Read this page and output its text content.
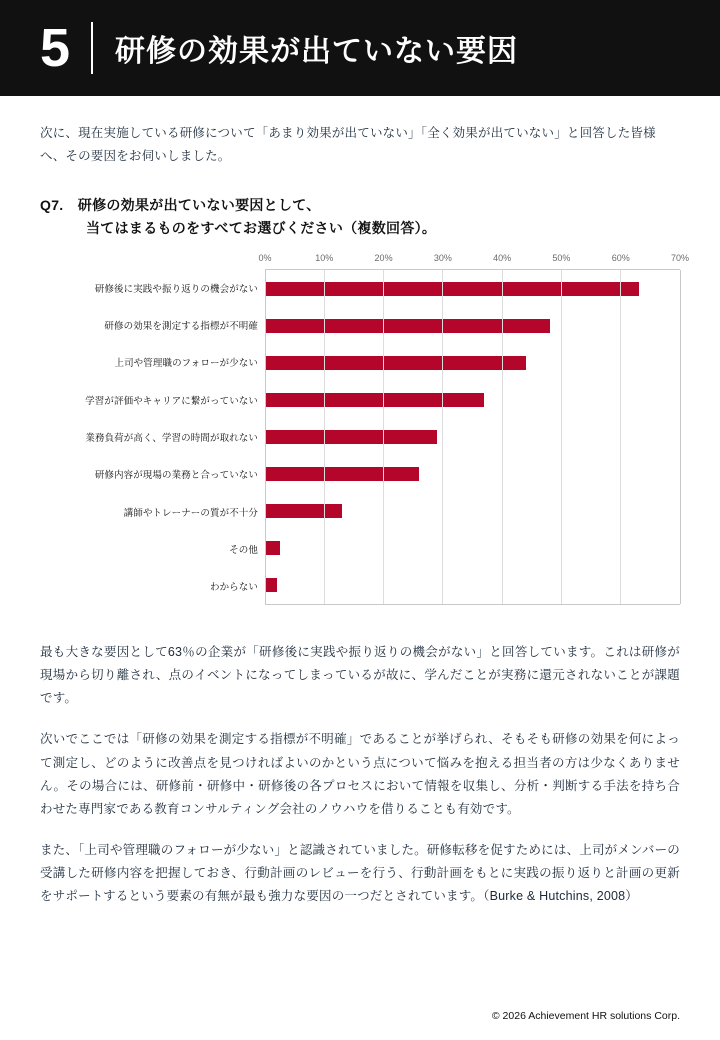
5 研修の効果が出ていない要因
次に、現在実施している研修について「あまり効果が出ていない」「全く効果が出ていない」と回答した皆様へ、その要因をお伺いしました。
Q7.　研修の効果が出ていない要因として、
当てはまるものをすべてお選びください（複数回答）。
0%	10%	20%	30%	40%	50%	60%	70%
研修後に実践や振り返りの機会がない
研修の効果を測定する指標が不明確
上司や管理職のフォローが少ない
学習が評価やキャリアに繋がっていない
業務負荷が高く、学習の時間が取れない
研修内容が現場の業務と合っていない
講師やトレーナーの質が不十分
その他
わからない
最も大きな要因として63％の企業が「研修後に実践や振り返りの機会がない」と回答しています。これは研修が現場から切り離され、点のイベントになってしまっているが故に、学んだことが実務に還元されないことが課題です。
次いでここでは「研修の効果を測定する指標が不明確」であることが挙げられ、そもそも研修の効果を何によって測定し、どのように改善点を見つければよいのかという点について悩みを抱える担当者の方は少なくありません。その場合には、研修前・研修中・研修後の各プロセスにおいて情報を収集し、分析・判断する手法を持ち合わせた専門家である教育コンサルティング会社のノウハウを借りることも有効です。
また、「上司や管理職のフォローが少ない」と認識されていました。研修転移を促すためには、上司がメンバーの受講した研修内容を把握しておき、行動計画のレビューを行う、行動計画をもとに実践の振り返りと計画の更新をサポートするという要素の有無が最も強力な要因の一つだとされています。（Burke & Hutchins, 2008）
© 2026 Achievement HR solutions Corp.
